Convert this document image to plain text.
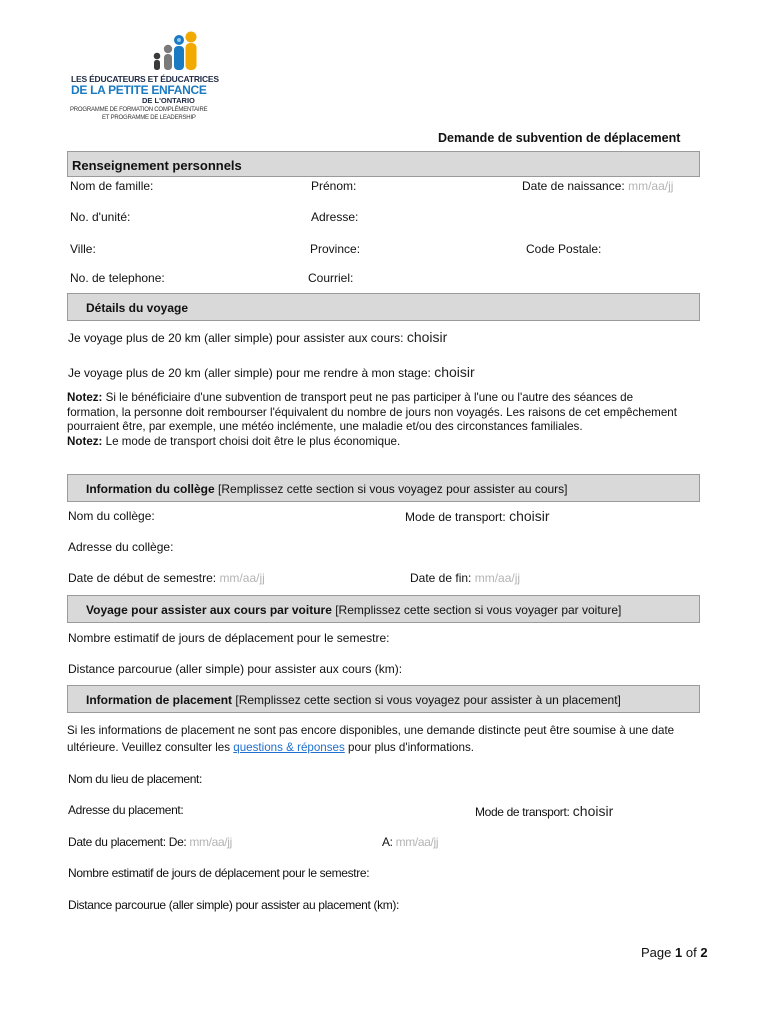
LES ÉDUCATEURS ET ÉDUCATRICES
DE LA PETITE ENFANCE
DE L'ONTARIO
PROGRAMME DE FORMATION COMPLÉMENTAIRE
ET PROGRAMME DE LEADERSHIP
Demande de subvention de déplacement
Renseignement personnels
Nom de famille:	Prénom:	Date de naissance: mm/aa/jj
No. d'unité:	Adresse:
Ville:	Province:	Code Postale:
No. de telephone:	Courriel:
Détails du voyage
Je voyage plus de 20 km (aller simple) pour assister aux cours: choisir
Je voyage plus de 20 km (aller simple) pour me rendre à mon stage: choisir
Notez: Si le bénéficiaire d'une subvention de transport peut ne pas participer à l'une ou l'autre des séances de formation, la personne doit rembourser l'équivalent du nombre de jours non voyagés. Les raisons de cet empêchement pourraient être, par exemple, une météo inclémente, une maladie et/ou des circonstances familiales.
Notez: Le mode de transport choisi doit être le plus économique.
Information du collège [Remplissez cette section si vous voyagez pour assister au cours]
Nom du collège:	Mode de transport: choisir
Adresse du collège:
Date de début de semestre: mm/aa/jj	Date de fin: mm/aa/jj
Voyage pour assister aux cours par voiture [Remplissez cette section si vous voyager par voiture]
Nombre estimatif de jours de déplacement pour le semestre:
Distance parcourue (aller simple) pour assister aux cours (km):
Information de placement [Remplissez cette section si vous voyagez pour assister à un placement]
Si les informations de placement ne sont pas encore disponibles, une demande distincte peut être soumise à une date ultérieure. Veuillez consulter les questions & réponses pour plus d'informations.
Nom du lieu de placement:
Adresse du placement:	Mode de transport: choisir
Date du placement: De: mm/aa/jj	A: mm/aa/jj
Nombre estimatif de jours de déplacement pour le semestre:
Distance parcourue (aller simple) pour assister au placement (km):
Page 1 of 2
